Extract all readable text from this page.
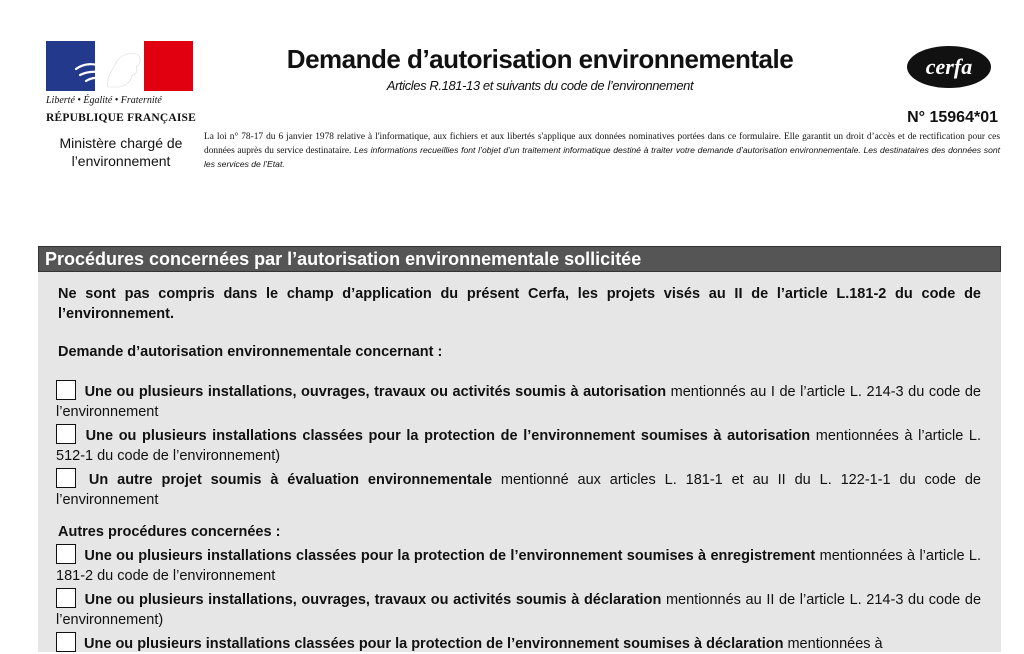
Liberté • Égalité • Fraternité
RÉPUBLIQUE FRANÇAISE
Ministère chargé de l’environnement
Demande d’autorisation environnementale
Articles R.181-13 et suivants du code de l’environnement
cerfa
N° 15964*01
La loi n° 78-17 du 6 janvier 1978 relative à l'informatique, aux fichiers et aux libertés s'applique aux données nominatives portées dans ce formulaire. Elle garantit un droit d’accès et de rectification pour ces données auprès du service destinataire. Les informations recueillies font l’objet d’un traitement informatique destiné à traiter votre demande d’autorisation environnementale. Les destinataires des données sont les services de l’Etat.
Procédures concernées par l’autorisation environnementale sollicitée

Ne sont pas compris dans le champ d’application du présent Cerfa, les projets visés au II de l’article L.181-2 du code de l’environnement.

Demande d’autorisation environnementale concernant :

Une ou plusieurs installations, ouvrages, travaux ou activités soumis à autorisation mentionnés au I de l’article L. 214-3 du code de l’environnement
Une ou plusieurs installations classées pour la protection de l’environnement soumises à autorisation mentionnées à l’article L. 512-1 du code de l’environnement)
Un autre projet soumis à évaluation environnementale mentionné aux articles L. 181-1 et au II du L. 122-1-1 du code de l’environnement

Autres procédures concernées :

Une ou plusieurs installations classées pour la protection de l’environnement soumises à enregistrement mentionnées à l’article L. 181-2 du code de l’environnement
Une ou plusieurs installations, ouvrages, travaux ou activités soumis à déclaration mentionnés au II de l’article L. 214-3 du code de l’environnement)
Une ou plusieurs installations classées pour la protection de l’environnement soumises à déclaration mentionnées à
